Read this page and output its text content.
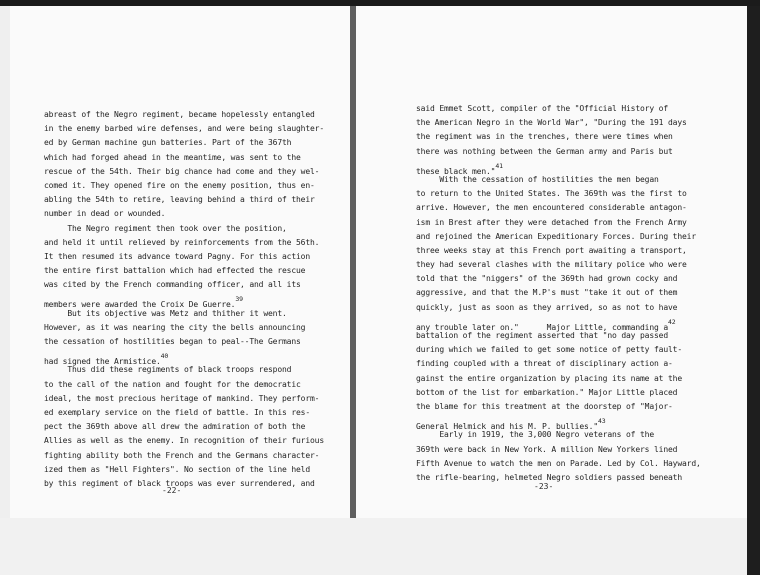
abreast of the Negro regiment, became hopelessly entangled
in the enemy barbed wire defenses, and were being slaughter-
ed by German machine gun batteries. Part of the 367th
which had forged ahead in the meantime, was sent to the
rescue of the 54th. Their big chance had come and they wel-
comed it. They opened fire on the enemy position, thus en-
abling the 54th to retire, leaving behind a third of their
number in dead or wounded.
The Negro regiment then took over the position,
and held it until relieved by reinforcements from the 56th.
It then resumed its advance toward Pagny. For this action
the entire first battalion which had effected the rescue
was cited by the French commanding officer, and all its
members were awarded the Croix De Guerre.$^{39}$
But its objective was Metz and thither it went.
However, as it was nearing the city the bells announcing
the cessation of hostilities began to peal--The Germans
had signed the Armistice.$^{40}$
Thus did these regiments of black troops respond
to the call of the nation and fought for the democratic
ideal, the most precious heritage of mankind. They perform-
ed exemplary service on the field of battle. In this res-
pect the 369th above all drew the admiration of both the
Allies as well as the enemy. In recognition of their furious
fighting ability both the French and the Germans character-
ized them as "Hell Fighters". No section of the line held
by this regiment of black troops was ever surrendered, and
-22-
said Emmet Scott, compiler of the "Official History of
the American Negro in the World War", "During the 191 days
the regiment was in the trenches, there were times when
there was nothing between the German army and Paris but
these black men."$^{41}$
With the cessation of hostilities the men began
to return to the United States. The 369th was the first to
arrive. However, the men encountered considerable antagon-
ism in Brest after they were detached from the French Army
and rejoined the American Expeditionary Forces. During their
three weeks stay at this French port awaiting a transport,
they had several clashes with the military police who were
told that the "niggers" of the 369th had grown cocky and
aggressive, and that the M.P's must "take it out of them
quickly, just as soon as they arrived, so as not to have
any trouble later on."      Major Little, commanding $a^{42}$
battalion of the regiment asserted that "no day passed
during which we failed to get some notice of petty fault-
finding coupled with a threat of disciplinary action a-
gainst the entire organization by placing its name at the
bottom of the list for embarkation." Major Little placed
the blame for this treatment at the doorstep of "Major-
General Helmick and his M. P. bullies."$^{43}$
Early in 1919, the 3,000 Negro veterans of the
369th were back in New York. A million New Yorkers lined
Fifth Avenue to watch the men on Parade. Led by Col. Hayward,
the rifle-bearing, helmeted Negro soldiers passed beneath
-23-
